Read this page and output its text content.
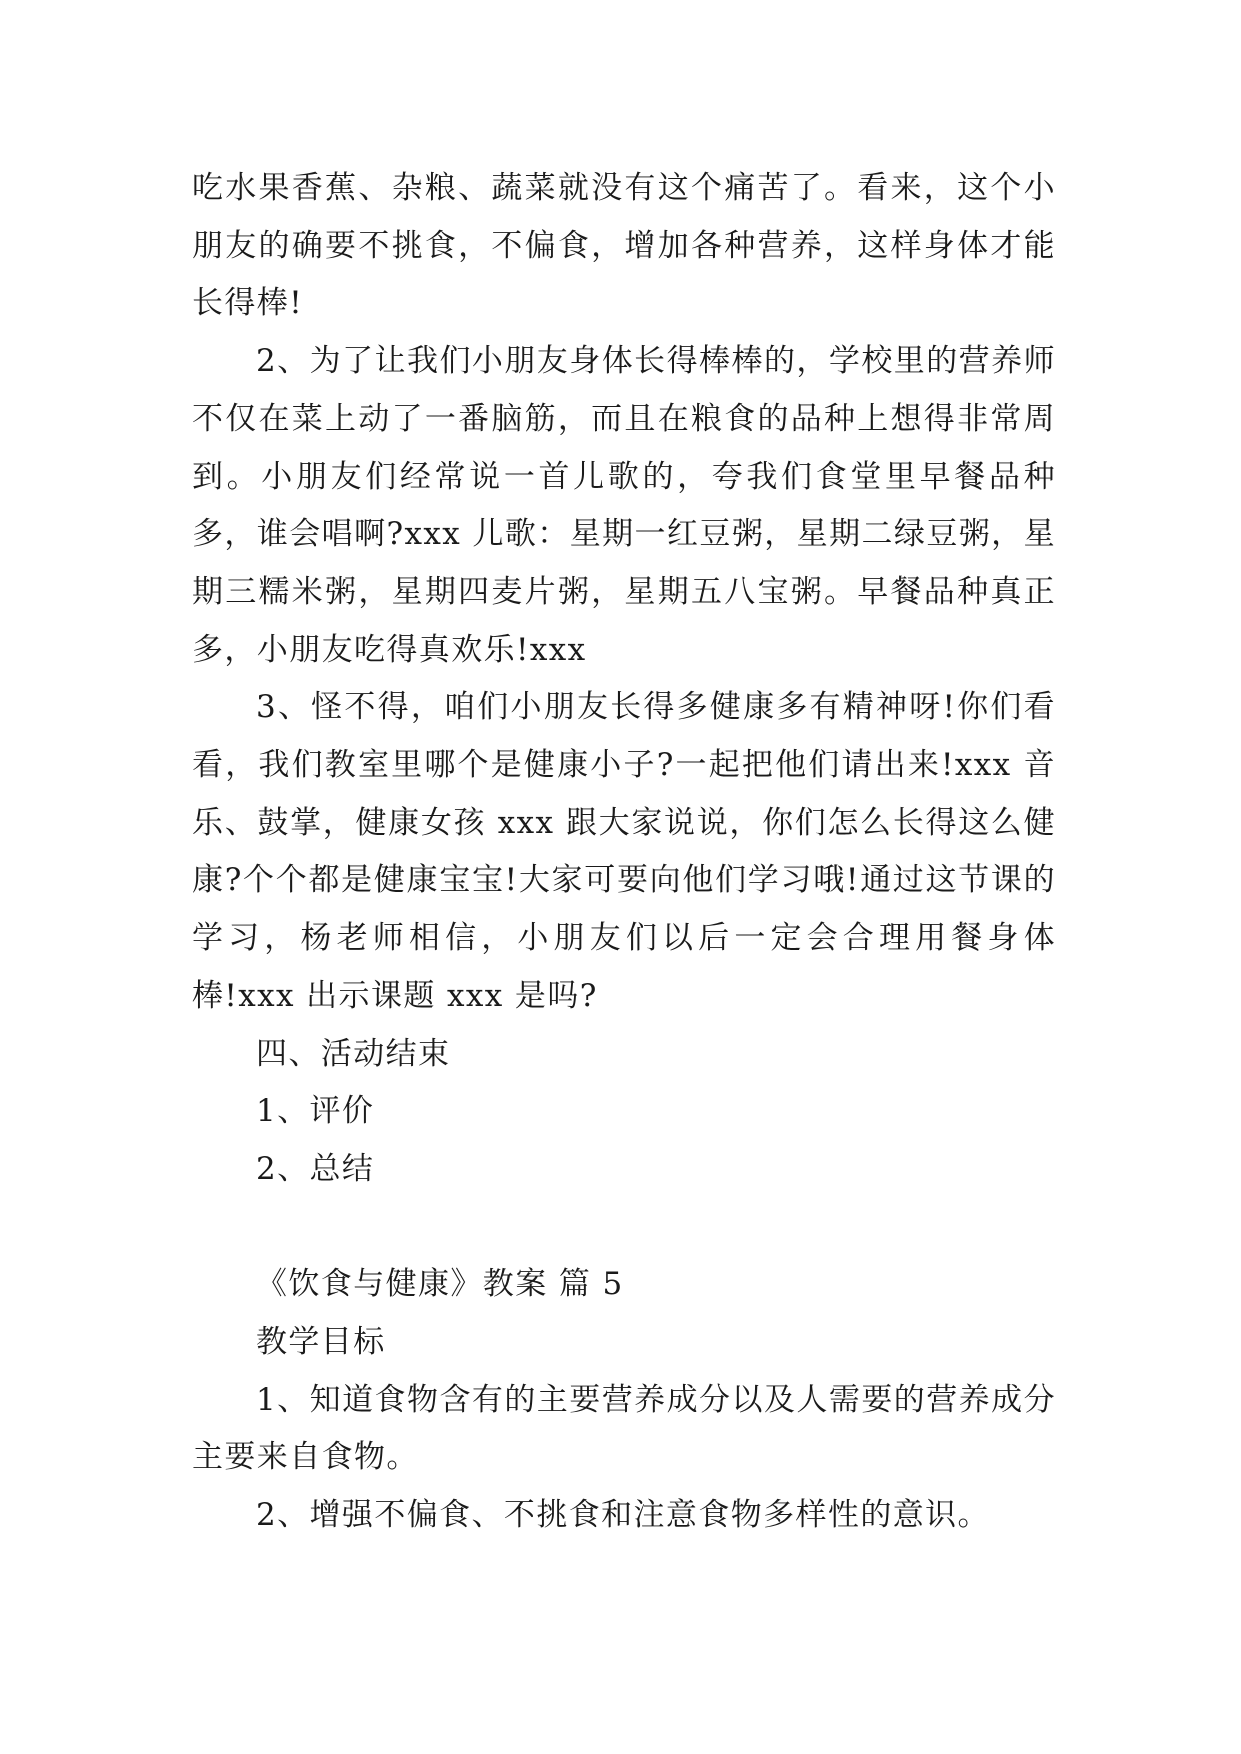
吃水果香蕉、杂粮、蔬菜就没有这个痛苦了。看来，这个小朋友的确要不挑食，不偏食，增加各种营养，这样身体才能长得棒!

2、为了让我们小朋友身体长得棒棒的，学校里的营养师不仅在菜上动了一番脑筋，而且在粮食的品种上想得非常周到。小朋友们经常说一首儿歌的，夸我们食堂里早餐品种多，谁会唱啊?xxx 儿歌：星期一红豆粥，星期二绿豆粥，星期三糯米粥，星期四麦片粥，星期五八宝粥。早餐品种真正多，小朋友吃得真欢乐!xxx

3、怪不得，咱们小朋友长得多健康多有精神呀!你们看看，我们教室里哪个是健康小子?一起把他们请出来!xxx 音乐、鼓掌，健康女孩 xxx 跟大家说说，你们怎么长得这么健康?个个都是健康宝宝!大家可要向他们学习哦!通过这节课的学习，杨老师相信，小朋友们以后一定会合理用餐身体棒!xxx 出示课题 xxx 是吗?

四、活动结束

1、评价

2、总结

《饮食与健康》教案 篇 5

教学目标

1、知道食物含有的主要营养成分以及人需要的营养成分主要来自食物。

2、增强不偏食、不挑食和注意食物多样性的意识。
